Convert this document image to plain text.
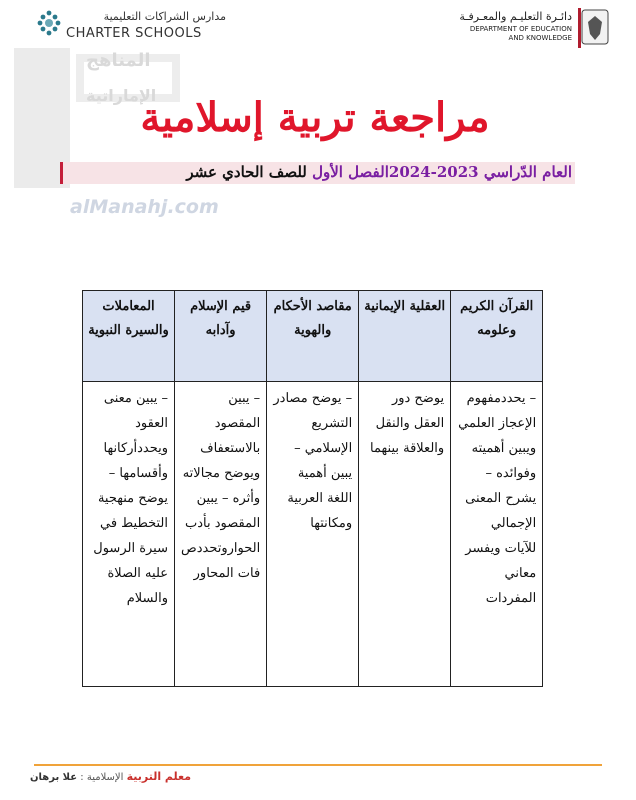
المناهج
الإماراتية
alManahj.com
مدارس الشراكات التعليمية
CHARTER SCHOOLS
دائـرة التعليـم والمعـرفـة
DEPARTMENT OF EDUCATION
AND KNOWLEDGE
مراجعة تربية إسلامية
العام الدّراسي 2023-2024الفصل الأول للصف الحادي عشر
القرآن الكريم وعلومه	العقلية الإيمانية	مقاصد الأحكام والهوية	قيم الإسلام وآدابه	المعاملات والسيرة النبوية
– يحددمفهوم الإعجاز العلمي ويبين أهميته وفوائده –يشرح المعنى الإجمالي للآيات ويفسر معاني المفردات	يوضح دور العقل والنقل والعلاقة بينهما	– يوضح مصادر التشريع الإسلامي – يبين أهمية اللغة العربية ومكانتها	– يبين المقصود بالاستعفاف ويوضح مجالاته وأثره – يبين المقصود بأدب الحواروتحددص فات المحاور	– يبين معنى العقود ويحددأركانها وأقسامها – يوضح منهجية التخطيط في سيرة الرسول عليه الصلاة والسلام
معلم التربية الإسلامية : علا برهان
